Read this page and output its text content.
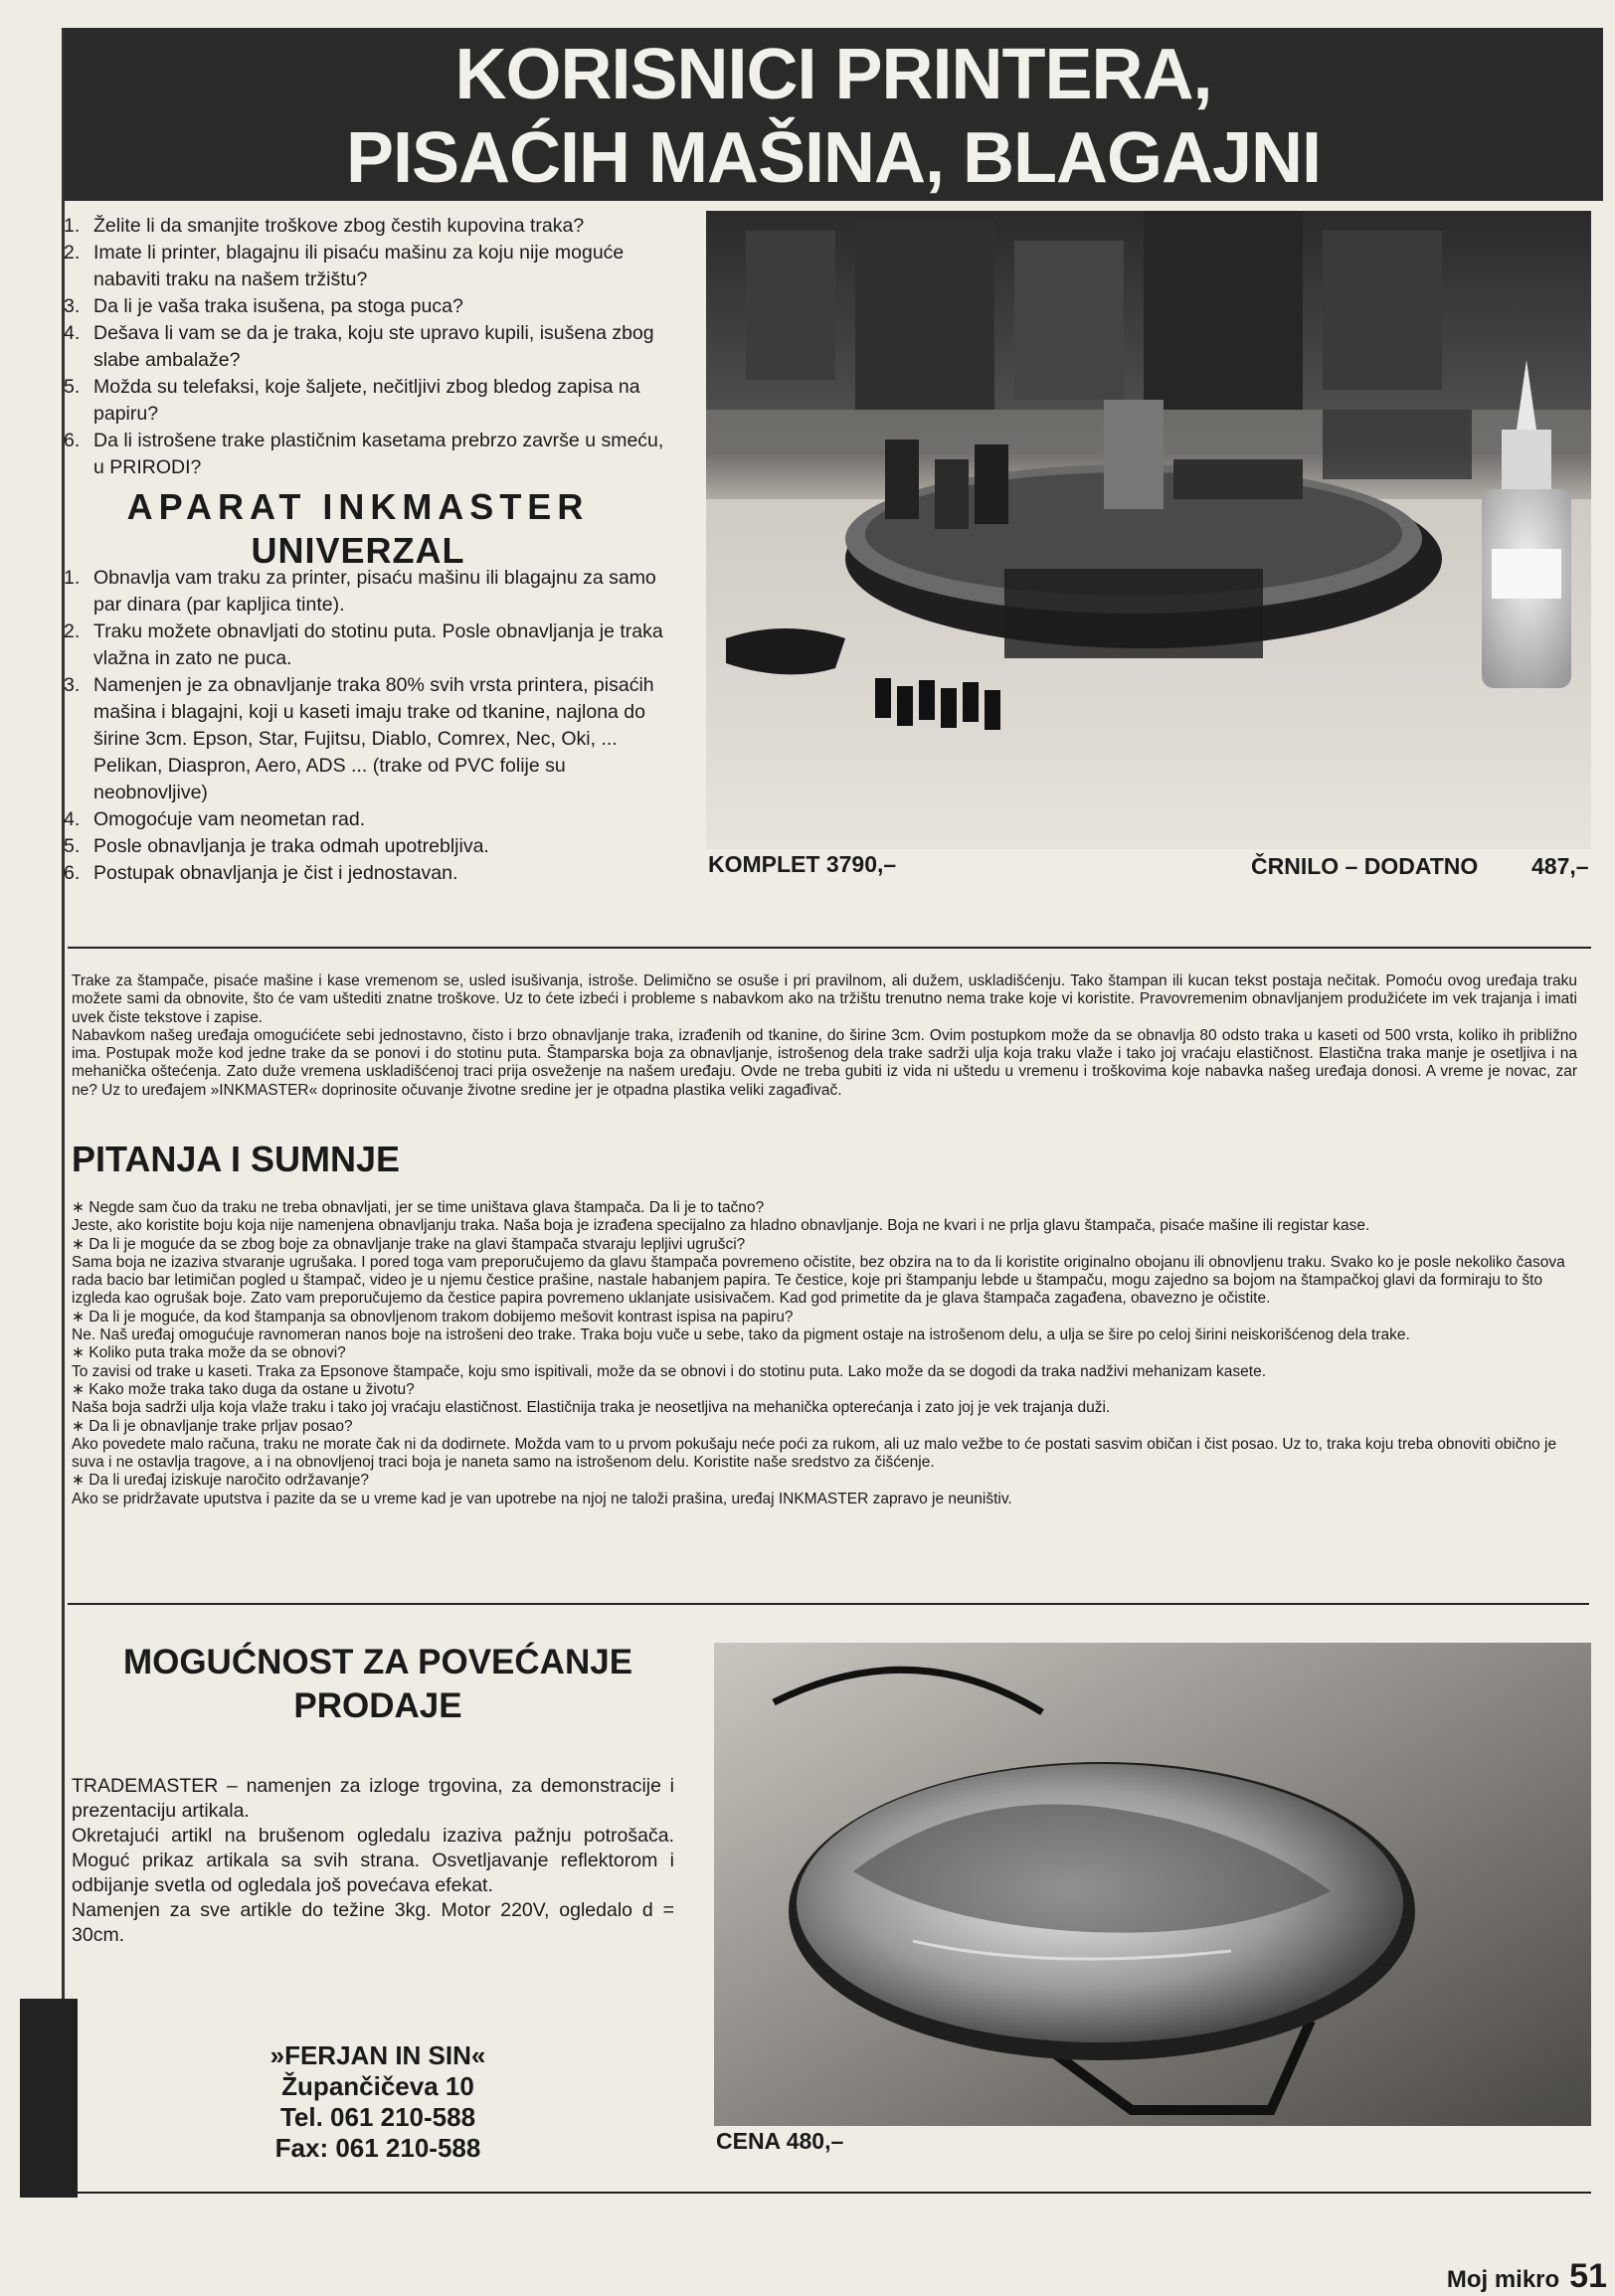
KORISNICI PRINTERA,
PISAĆIH MAŠINA, BLAGAJNI
1. Želite li da smanjite troškove zbog čestih kupovina traka?
2. Imate li printer, blagajnu ili pisaću mašinu za koju nije moguće nabaviti traku na našem tržištu?
3. Da li je vaša traka isušena, pa stoga puca?
4. Dešava li vam se da je traka, koju ste upravo kupili, isušena zbog slabe ambalaže?
5. Možda su telefaksi, koje šaljete, nečitljivi zbog bledog zapisa na papiru?
6. Da li istrošene trake plastičnim kasetama prebrzo završe u smeću, u PRIRODI?
APARAT INKMASTER
UNIVERZAL
1. Obnavlja vam traku za printer, pisaću mašinu ili blagajnu za samo par dinara (par kapljica tinte).
2. Traku možete obnavljati do stotinu puta. Posle obnavljanja je traka vlažna in zato ne puca.
3. Namenjen je za obnavljanje traka 80% svih vrsta printera, pisaćih mašina i blagajni, koji u kaseti imaju trake od tkanine, najlona do širine 3cm. Epson, Star, Fujitsu, Diablo, Comrex, Nec, Oki, ... Pelikan, Diaspron, Aero, ADS ... (trake od PVC folije su neobnovljive)
4. Omogoćuje vam neometan rad.
5. Posle obnavljanja je traka odmah upotrebljiva.
6. Postupak obnavljanja je čist i jednostavan.	KOMPLET 3790,–	ČRNILO – DODATNO 487,–

Trake za štampače, pisaće mašine i kase vremenom se, usled isušivanja, istroše. Delimično se osuše i pri pravilnom, ali dužem, uskladišćenju. Tako štampan ili kucan tekst postaja nečitak. Pomoću ovog uređaja traku možete sami da obnovite, što će vam uštediti znatne troškove. Uz to ćete izbeći i probleme s nabavkom ako na tržištu trenutno nema trake koje vi koristite. Pravovremenim obnavljanjem produžićete im vek trajanja i imati uvek čiste tekstove i zapise.

Nabavkom našeg uređaja omogućićete sebi jednostavno, čisto i brzo obnavljanje traka, izrađenih od tkanine, do širine 3cm. Ovim postupkom može da se obnavlja 80 odsto traka u kaseti od 500 vrsta, koliko ih približno ima. Postupak može kod jedne trake da se ponovi i do stotinu puta. Štamparska boja za obnavljanje, istrošenog dela trake sadrži ulja koja traku vlaže i tako joj vraćaju elastičnost. Elastična traka manje je osetljiva i na mehanička oštećenja. Zato duže vremena uskladišćenoj traci prija osveženje na našem uređaju. Ovde ne treba gubiti iz vida ni uštedu u vremenu i troškovima koje nabavka našeg uređaja donosi. A vreme je novac, zar ne? Uz to uređajem »INKMASTER« doprinosite očuvanje životne sredine jer je otpadna plastika veliki zagađivač.

PITANJA I SUMNJE

∗ Negde sam čuo da traku ne treba obnavljati, jer se time uništava glava štampača. Da li je to tačno?

Jeste, ako koristite boju koja nije namenjena obnavljanju traka. Naša boja je izrađena specijalno za hladno obnavljanje. Boja ne kvari i ne prlja glavu štampača, pisaće mašine ili registar kase.

∗ Da li je moguće da se zbog boje za obnavljanje trake na glavi štampača stvaraju lepljivi ugrušci?

Sama boja ne izaziva stvaranje ugrušaka. I pored toga vam preporučujemo da glavu štampača povremeno očistite, bez obzira na to da li koristite originalno obojanu ili obnovljenu traku. Svako ko je posle nekoliko časova rada bacio bar letimičan pogled u štampač, video je u njemu čestice prašine, nastale habanjem papira. Te čestice, koje pri štampanju lebde u štampaču, mogu zajedno sa bojom na štampačkoj glavi da formiraju to što izgleda kao ogrušak boje. Zato vam preporučujemo da čestice papira povremeno uklanjate usisivačem. Kad god primetite da je glava štampača zagađena, obavezno je očistite.

∗ Da li je moguće, da kod štampanja sa obnovljenom trakom dobijemo mešovit kontrast ispisa na papiru?

Ne. Naš uređaj omogućuje ravnomeran nanos boje na istrošeni deo trake. Traka boju vuče u sebe, tako da pigment ostaje na istrošenom delu, a ulja se šire po celoj širini neiskorišćenog dela trake.

∗ Koliko puta traka može da se obnovi?

To zavisi od trake u kaseti. Traka za Epsonove štampače, koju smo ispitivali, može da se obnovi i do stotinu puta. Lako može da se dogodi da traka nadživi mehanizam kasete.

∗ Kako može traka tako duga da ostane u životu?

Naša boja sadrži ulja koja vlaže traku i tako joj vraćaju elastičnost. Elastičnija traka je neosetljiva na mehanička opterećanja i zato joj je vek trajanja duži.

∗ Da li je obnavljanje trake prljav posao?

Ako povedete malo računa, traku ne morate čak ni da dodirnete. Možda vam to u prvom pokušaju neće poći za rukom, ali uz malo vežbe to će postati sasvim običan i čist posao. Uz to, traka koju treba obnoviti obično je suva i ne ostavlja tragove, a i na obnovljenoj traci boja je naneta samo na istrošenom delu. Koristite naše sredstvo za čišćenje.

∗ Da li uređaj iziskuje naročito održavanje?

Ako se pridržavate uputstva i pazite da se u vreme kad je van upotrebe na njoj ne taloži prašina, uređaj INKMASTER zapravo je neuništiv.

MOGUĆNOST ZA POVEĆANJE
PRODAJE

TRADEMASTER – namenjen za izloge trgovina, za demonstracije i prezentaciju artikala.

Okretajući artikl na brušenom ogledalu izaziva pažnju potrošača. Moguć prikaz artikala sa svih strana. Osvetljavanje reflektorom i odbijanje svetla od ogledala još povećava efekat.

Namenjen za sve artikle do težine 3kg. Motor 220V, ogledalo d = 30cm.

»FERJAN IN SIN«
Župančičeva 10
Tel. 061 210-588
Fax: 061 210-588	CENA 480,–
Moj mikro 51
